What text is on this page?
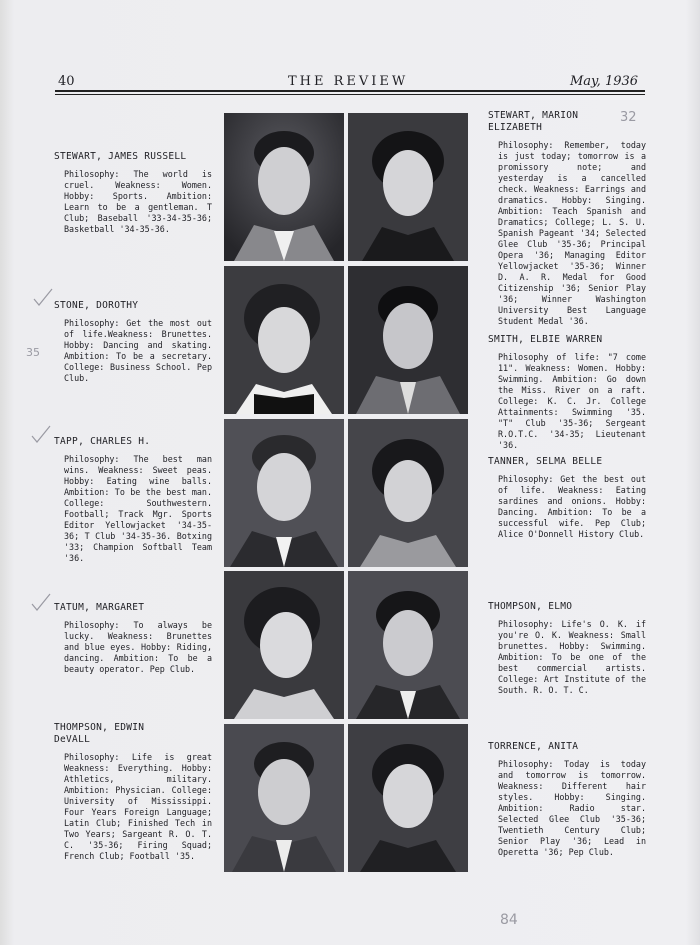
40	THE REVIEW	May, 1936
STEWART, JAMES RUSSELL
Philosophy: The world is cruel. Weakness: Women. Hobby: Sports. Ambition: Learn to be a gentleman. T Club; Baseball '33-34-35-36; Basketball '34-35-36.
STONE, DOROTHY
Philosophy: Get the most out of life.Weakness: Brunettes. Hobby: Dancing and skating. Ambition: To be a secretary. College: Business School. Pep Club.
TAPP, CHARLES H.
Philosophy: The best man wins. Weakness: Sweet peas. Hobby: Eating wine balls. Ambition: To be the best man. College: Southwestern. Football; Track Mgr. Sports Editor Yellowjacket '34-35-36; T Club '34-35-36. Botxing '33; Champion Softball Team '36.
TATUM, MARGARET
Philosophy: To always be lucky. Weakness: Brunettes and blue eyes. Hobby: Riding, dancing. Ambition: To be a beauty operator. Pep Club.
THOMPSON, EDWIN
DeVALL
Philosophy: Life is great Weakness: Everything. Hobby: Athletics, military. Ambition: Physician. College: University of Mississippi. Four Years Foreign Language; Latin Club; Finished Tech in Two Years; Sargeant R. O. T. C. '35-36; Firing Squad; French Club; Football '35.
STEWART, MARION
ELIZABETH
Philosophy: Remember, today is just today; tomorrow is a promissory note; and yesterday is a cancelled check. Weakness: Earrings and dramatics. Hobby: Singing. Ambition: Teach Spanish and Dramatics; College; L. S. U. Spanish Pageant '34; Selected Glee Club '35-36; Principal Opera '36; Managing Editor Yellowjacket '35-36; Winner D. A. R. Medal for Good Citizenship '36; Senior Play '36; Winner Washington University Best Language Student Medal '36.
SMITH, ELBIE WARREN
Philosophy of life: "7 come 11". Weakness: Women. Hobby: Swimming. Ambition: Go down the Miss. River on a raft. College: K. C. Jr. College Attainments: Swimming '35. "T" Club '35-36; Sergeant R.O.T.C. '34-35; Lieutenant '36.
TANNER, SELMA BELLE
Philosophy: Get the best out of life. Weakness: Eating sardines and onions. Hobby: Dancing. Ambition: To be a successful wife. Pep Club; Alice O'Donnell History Club.
THOMPSON, ELMO
Philosophy: Life's O. K. if you're O. K. Weakness: Small brunettes. Hobby: Swimming. Ambition: To be one of the best commercial artists. College: Art Institute of the South. R. O. T. C.
TORRENCE, ANITA
Philosophy: Today is today and tomorrow is tomorrow. Weakness: Different hair styles. Hobby: Singing. Ambition: Radio star. Selected Glee Club '35-36; Twentieth Century Club; Senior Play '36; Lead in Operetta '36; Pep Club.
32
35
84
